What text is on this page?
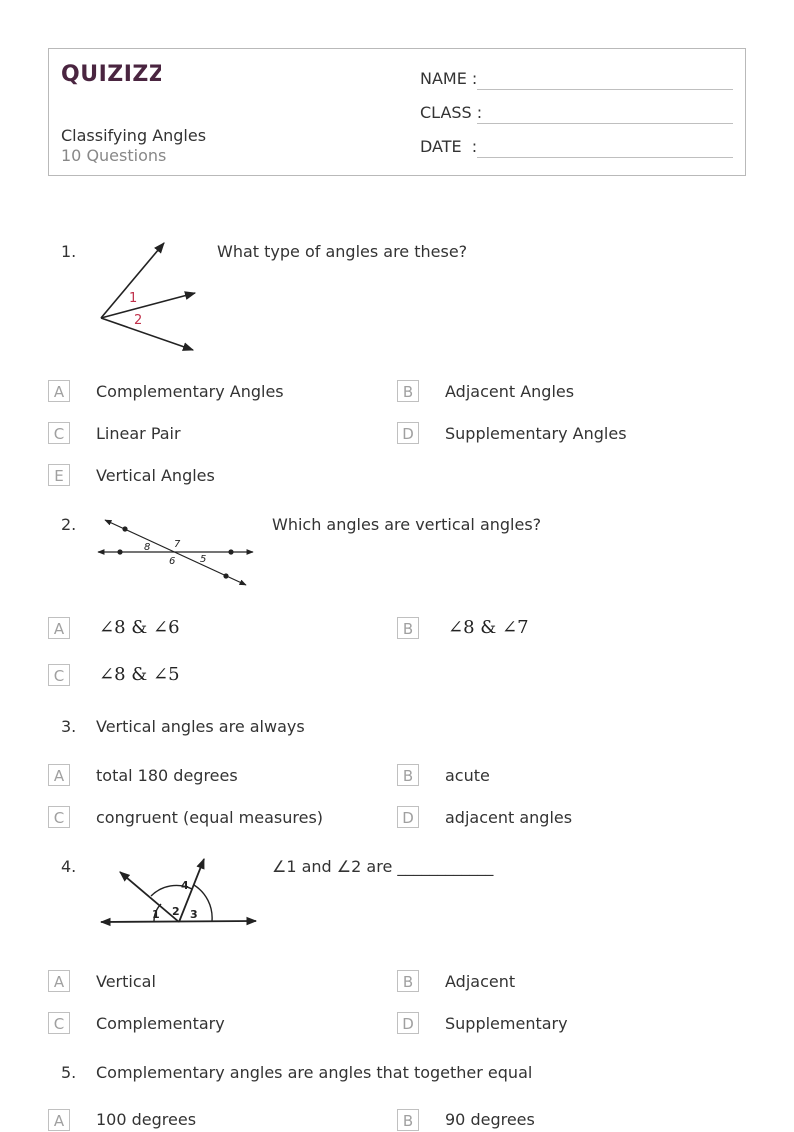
QUIZIZZ
Classifying Angles
10 Questions
NAME :
CLASS :
DATE  :
1.
1
2
What type of angles are these?
A	Complementary Angles	B	Adjacent Angles
C	Linear Pair	D	Supplementary Angles
E	Vertical Angles
2.
8 7
6 5
Which angles are vertical angles?
A	∠8 & ∠6	B	∠8 & ∠7
C	∠8 & ∠5
3. Vertical angles are always
A	total 180 degrees	B	acute
C	congruent (equal measures)	D	adjacent angles
4.
1 2 3
4
∠1 and ∠2 are ____________
A	Vertical	B	Adjacent
C	Complementary	D	Supplementary
5. Complementary angles are angles that together equal
A	100 degrees	B	90 degrees
